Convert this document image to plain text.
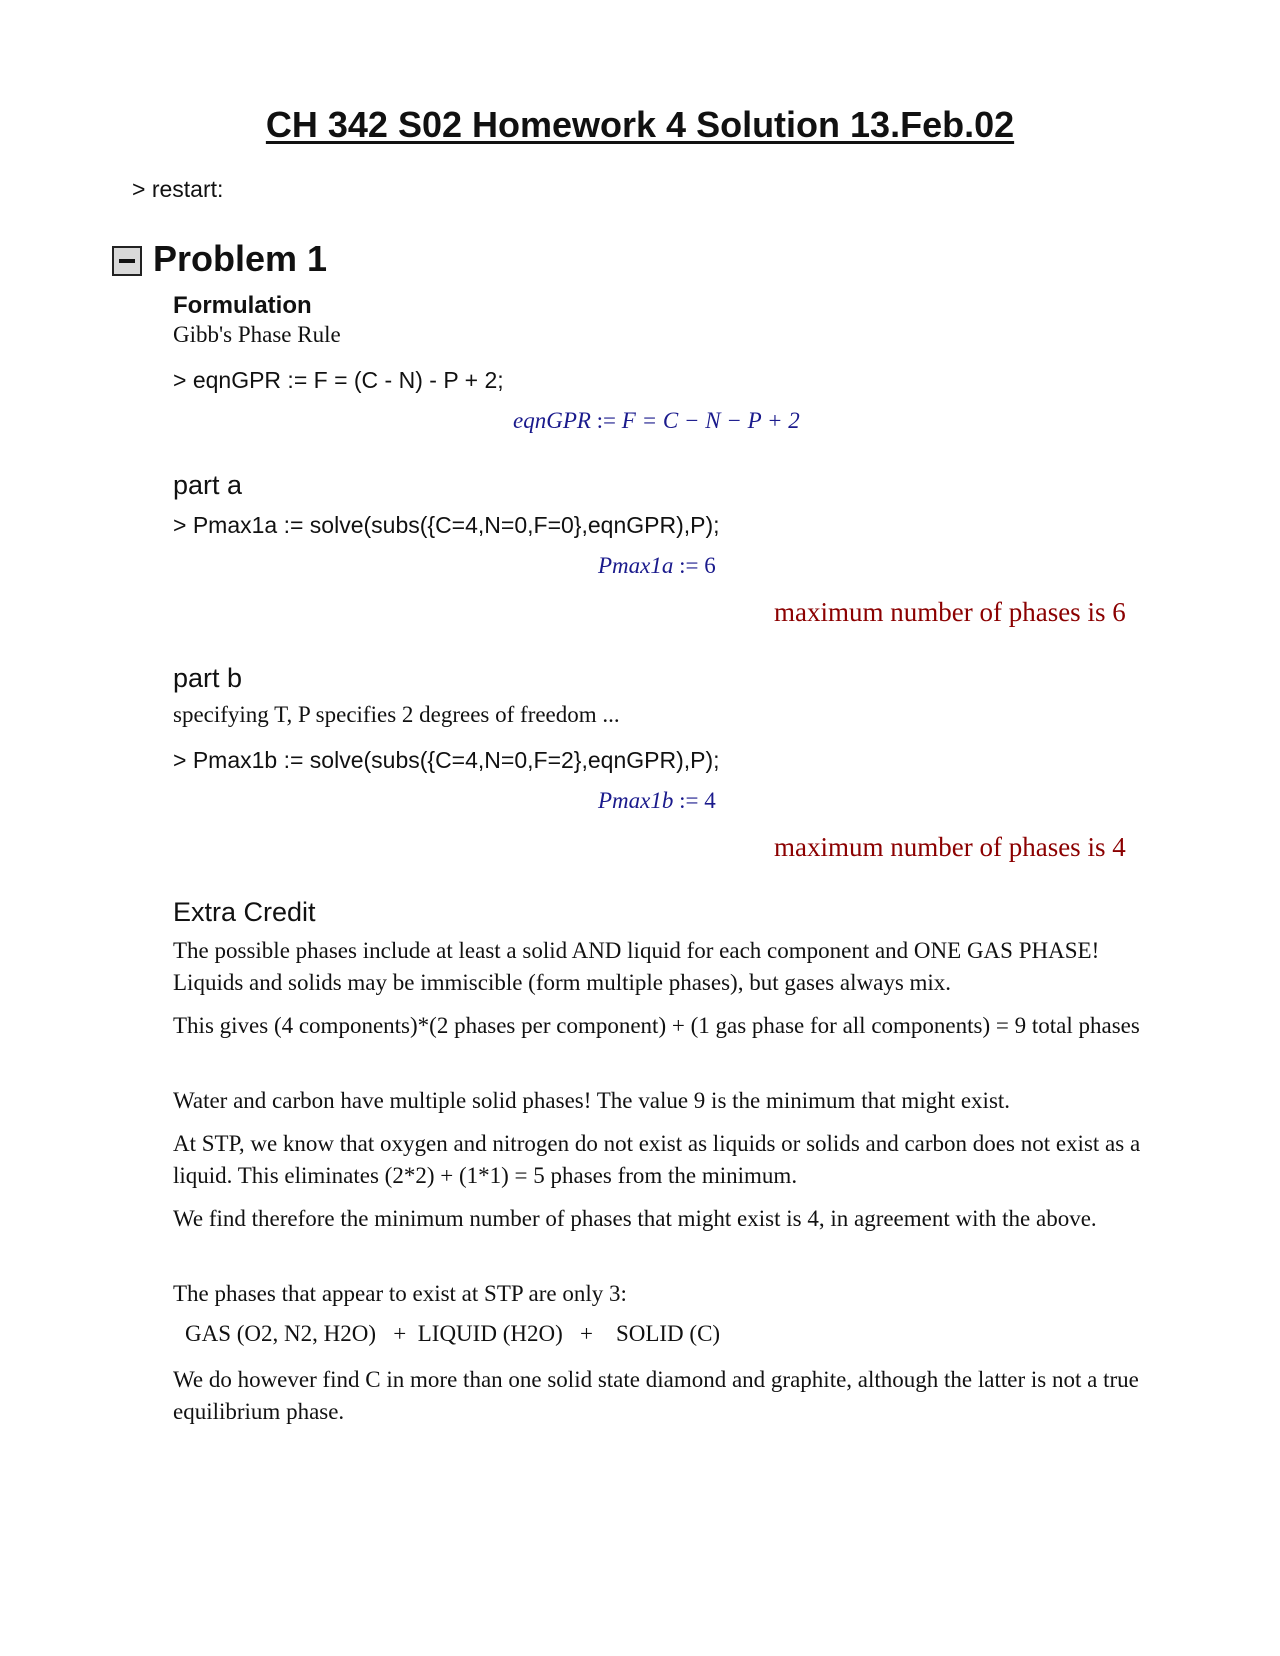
CH 342 S02 Homework 4 Solution 13.Feb.02
> restart:
Problem 1
Formulation
Gibb's Phase Rule
> eqnGPR := F = (C - N) - P + 2;
eqnGPR := F = C − N − P + 2
part a
> Pmax1a := solve(subs({C=4,N=0,F=0},eqnGPR),P);
Pmax1a := 6
maximum number of phases is 6
part b
specifying T, P specifies 2 degrees of freedom ...
> Pmax1b := solve(subs({C=4,N=0,F=2},eqnGPR),P);
Pmax1b := 4
maximum number of phases is 4
Extra Credit
The possible phases include at least a solid AND liquid for each component and ONE GAS PHASE! Liquids and solids may be immiscible (form multiple phases), but gases always mix.
This gives (4 components)*(2 phases per component) + (1 gas phase for all components) = 9 total phases
Water and carbon have multiple solid phases! The value 9 is the minimum that might exist.
At STP, we know that oxygen and nitrogen do not exist as liquids or solids and carbon does not exist as a liquid. This eliminates (2*2) + (1*1) = 5 phases from the minimum.
We find therefore the minimum number of phases that might exist is 4, in agreement with the above.
The phases that appear to exist at STP are only 3:
GAS (O2, N2, H2O)   +  LIQUID (H2O)   +    SOLID (C)
We do however find C in more than one solid state diamond and graphite, although the latter is not a true equilibrium phase.
